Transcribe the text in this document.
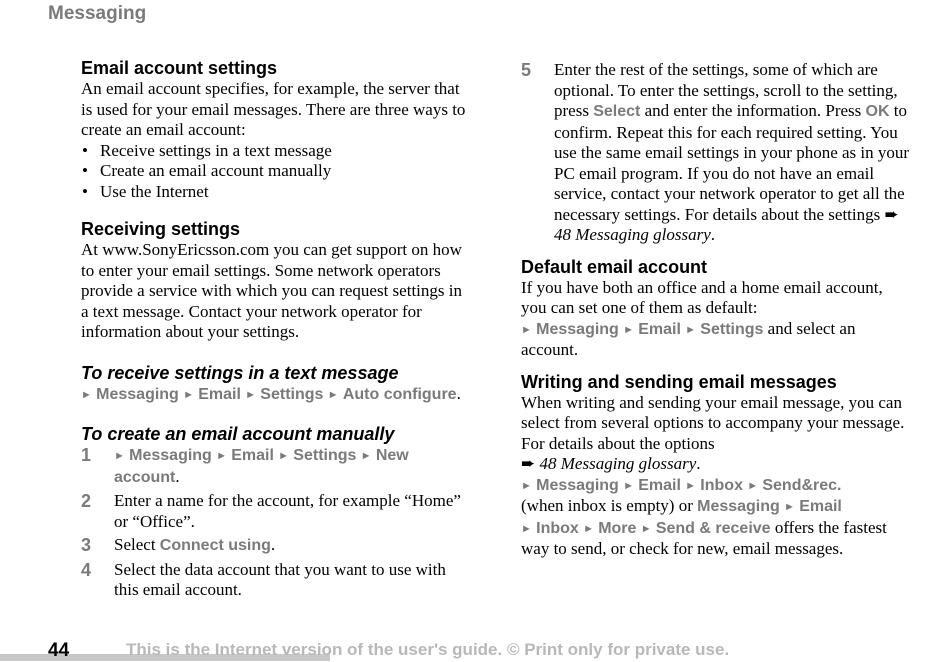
Messaging
Email account settings

An email account specifies, for example, the server that is used for your email messages. There are three ways to create an email account:

• Receive settings in a text message
• Create an email account manually
• Use the Internet
Receiving settings

At www.SonyEricsson.com you can get support on how to enter your email settings. Some network operators provide a service with which you can request settings in a text message. Contact your network operator for information about your settings.

To receive settings in a text message

► Messaging ► Email ► Settings ► Auto configure.

To create an email account manually
1 ► Messaging ► Email ► Settings ► New account.
2 Enter a name for the account, for example “Home” or “Office”.
3 Select Connect using.
4 Select the data account that you want to use with this email account.
5 Enter the rest of the settings, some of which are optional. To enter the settings, scroll to the setting, press Select and enter the information. Press OK to confirm. Repeat this for each required setting. You use the same email settings in your phone as in your PC email program. If you do not have an email service, contact your network operator to get all the necessary settings. For details about the settings ➨ 48 Messaging glossary.
Default email account

If you have both an office and a home email account, you can set one of them as default:

► Messaging ► Email ► Settings and select an account.

Writing and sending email messages

When writing and sending your email message, you can select from several options to accompany your message. For details about the options
➨ 48 Messaging glossary.
► Messaging ► Email ► Inbox ► Send&rec.
(when inbox is empty) or Messaging ► Email
► Inbox ► More ► Send & receive offers the fastest way to send, or check for new, email messages.

44	This is the Internet version of the user's guide. © Print only for private use.
